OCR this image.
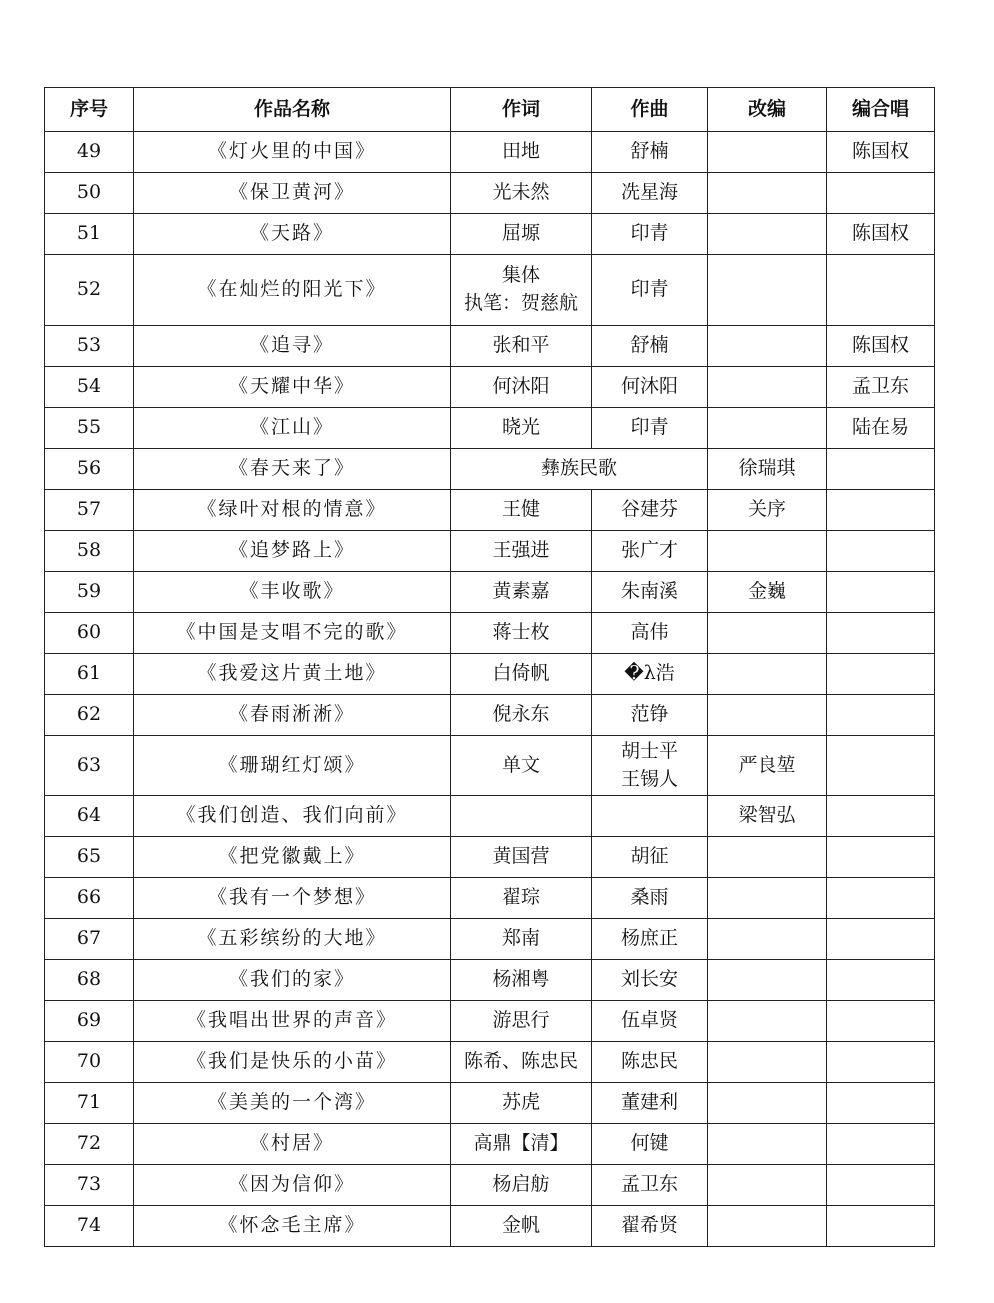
序号	作品名称	作词	作曲	改编	编合唱
49	《灯火里的中国》	田地	舒楠		陈国权
50	《保卫黄河》	光未然	冼星海		
51	《天路》	屈塬	印青		陈国权
52	《在灿烂的阳光下》	集体
执笔：贺慈航	印青		
53	《追寻》	张和平	舒楠		陈国权
54	《天耀中华》	何沐阳	何沐阳		孟卫东
55	《江山》	晓光	印青		陆在易
56	《春天来了》	彝族民歌		徐瑞琪	
57	《绿叶对根的情意》	王健	谷建芬	关序	
58	《追梦路上》	王强进	张广才		
59	《丰收歌》	黄素嘉	朱南溪	金巍	
60	《中国是支唱不完的歌》	蒋士枚	高伟		
61	《我爱这片黄土地》	白倚帆	�λ浩		
62	《春雨淅淅》	倪永东	范铮		
63	《珊瑚红灯颂》	单文	胡士平
王锡人	严良堃	
64	《我们创造、我们向前》			梁智弘	
65	《把党徽戴上》	黄国营	胡征		
66	《我有一个梦想》	翟琮	桑雨		
67	《五彩缤纷的大地》	郑南	杨庶正		
68	《我们的家》	杨湘粤	刘长安		
69	《我唱出世界的声音》	游思行	伍卓贤		
70	《我们是快乐的小苗》	陈希、陈忠民	陈忠民		
71	《美美的一个湾》	苏虎	董建利		
72	《村居》	高鼎【清】	何键		
73	《因为信仰》	杨启舫	孟卫东		
74	《怀念毛主席》	金帆	翟希贤		
